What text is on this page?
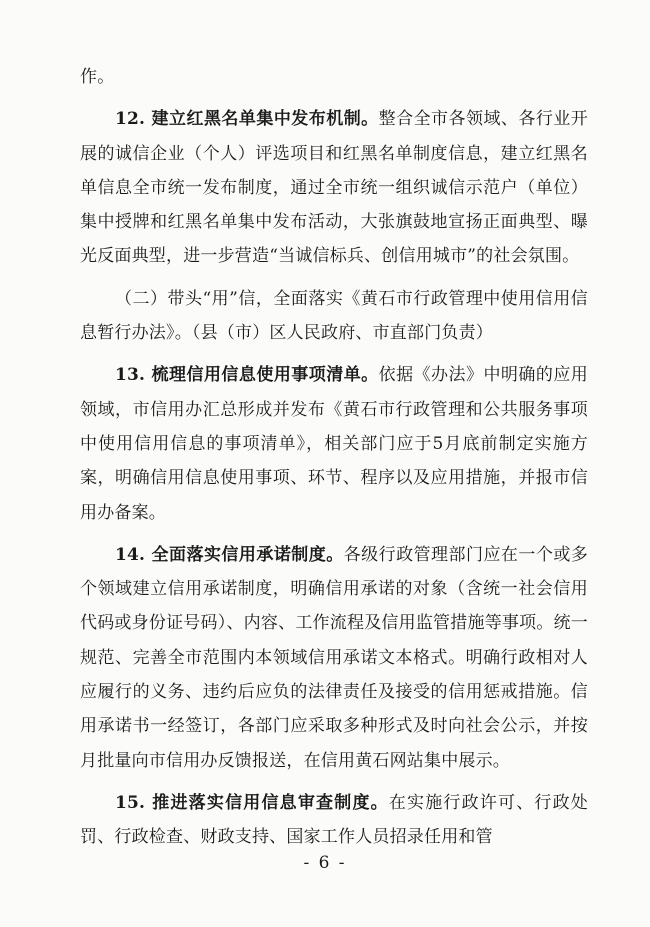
作。

12. 建立红黑名单集中发布机制。整合全市各领域、各行业开展的诚信企业（个人）评选项目和红黑名单制度信息，建立红黑名单信息全市统一发布制度，通过全市统一组织诚信示范户（单位）集中授牌和红黑名单集中发布活动，大张旗鼓地宣扬正面典型、曝光反面典型，进一步营造“当诚信标兵、创信用城市”的社会氛围。

（二）带头“用”信，全面落实《黄石市行政管理中使用信用信息暂行办法》。（县（市）区人民政府、市直部门负责）

13. 梳理信用信息使用事项清单。依据《办法》中明确的应用领域，市信用办汇总形成并发布《黄石市行政管理和公共服务事项中使用信用信息的事项清单》，相关部门应于5月底前制定实施方案，明确信用信息使用事项、环节、程序以及应用措施，并报市信用办备案。

14. 全面落实信用承诺制度。各级行政管理部门应在一个或多个领域建立信用承诺制度，明确信用承诺的对象（含统一社会信用代码或身份证号码）、内容、工作流程及信用监管措施等事项。统一规范、完善全市范围内本领域信用承诺文本格式。明确行政相对人应履行的义务、违约后应负的法律责任及接受的信用惩戒措施。信用承诺书一经签订，各部门应采取多种形式及时向社会公示，并按月批量向市信用办反馈报送，在信用黄石网站集中展示。

15. 推进落实信用信息审查制度。在实施行政许可、行政处罚、行政检查、财政支持、国家工作人员招录任用和管

- 6 -
